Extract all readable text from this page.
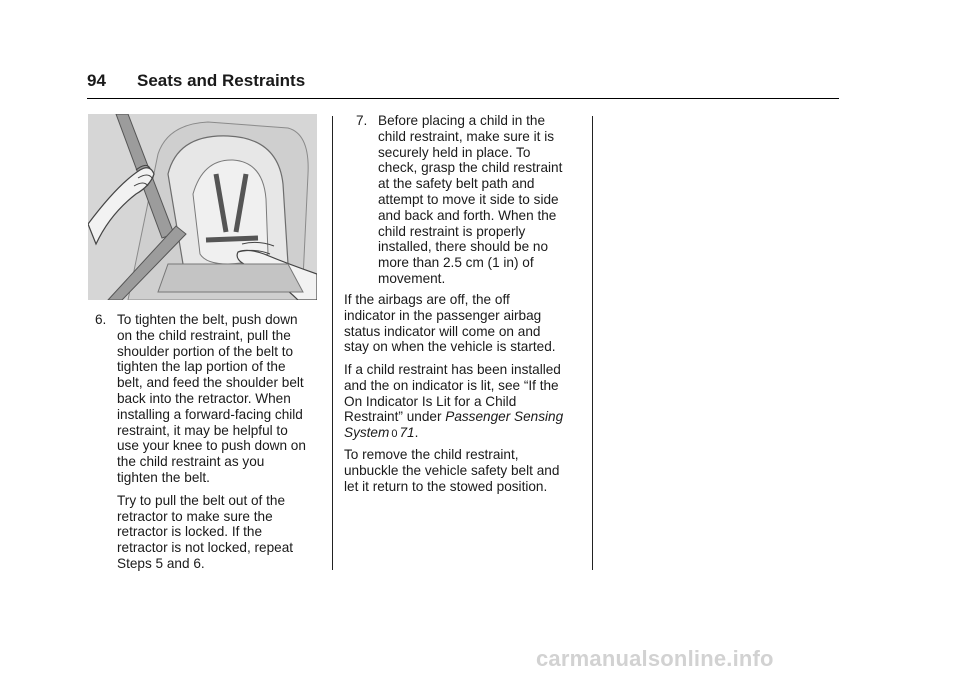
94 Seats and Restraints
6. To tighten the belt, push down
on the child restraint, pull the
shoulder portion of the belt to
tighten the lap portion of the
belt, and feed the shoulder belt
back into the retractor. When
installing a forward-facing child
restraint, it may be helpful to
use your knee to push down on
the child restraint as you
tighten the belt.
Try to pull the belt out of the
retractor to make sure the
retractor is locked. If the
retractor is not locked, repeat
Steps 5 and 6.
7. Before placing a child in the
child restraint, make sure it is
securely held in place. To
check, grasp the child restraint
at the safety belt path and
attempt to move it side to side
and back and forth. When the
child restraint is properly
installed, there should be no
more than 2.5 cm (1 in) of
movement.
If the airbags are off, the off
indicator in the passenger airbag
status indicator will come on and
stay on when the vehicle is started.
If a child restraint has been installed
and the on indicator is lit, see “If the
On Indicator Is Lit for a Child
Restraint” under Passenger Sensing
System 0 71.
To remove the child restraint,
unbuckle the vehicle safety belt and
let it return to the stowed position.
carmanualsonline.info
